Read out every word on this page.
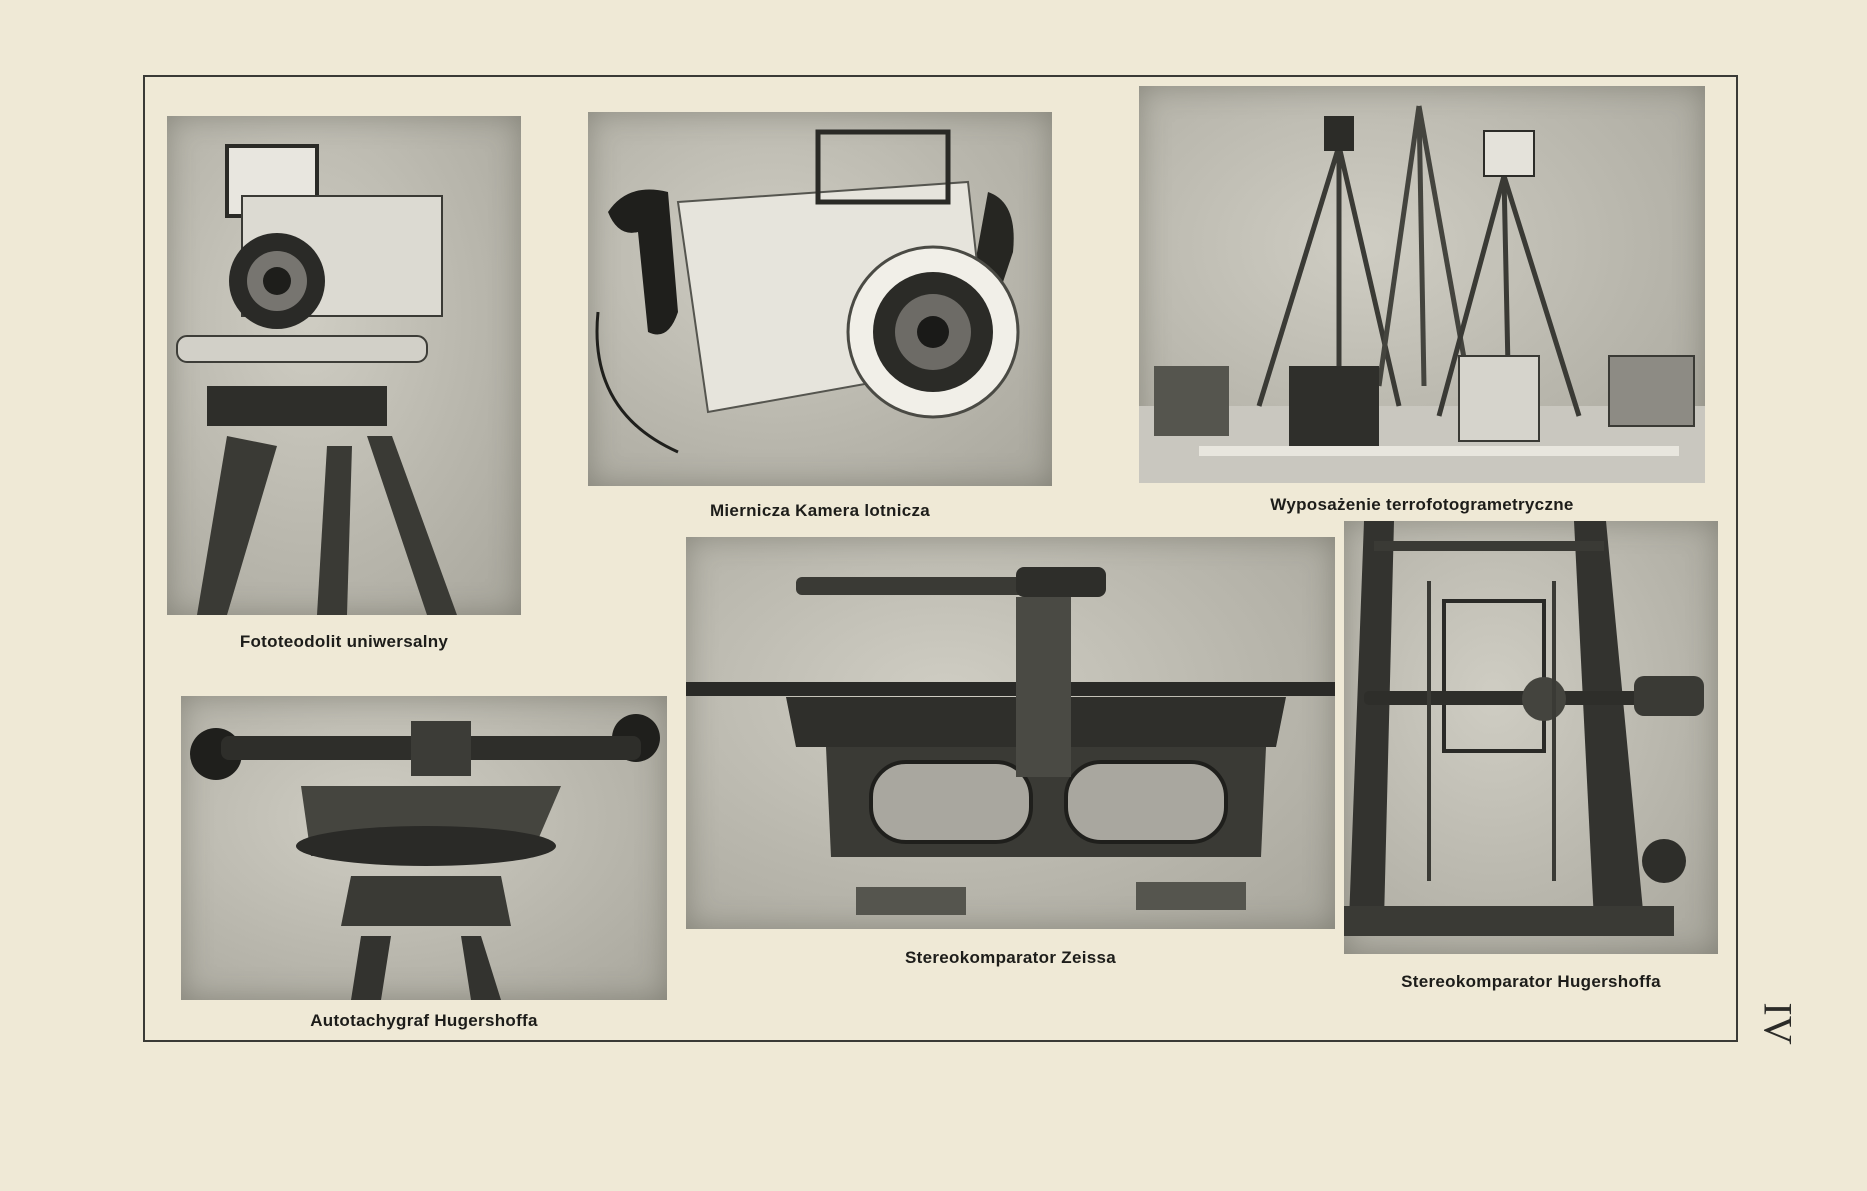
Fototeodolit uniwersalny
Miernicza Kamera lotnicza	Wyposażenie terrofotogrametryczne
Autotachygraf Hugershoffa
Stereokomparator Zeissa
Stereokomparator Hugershoffa
IV
